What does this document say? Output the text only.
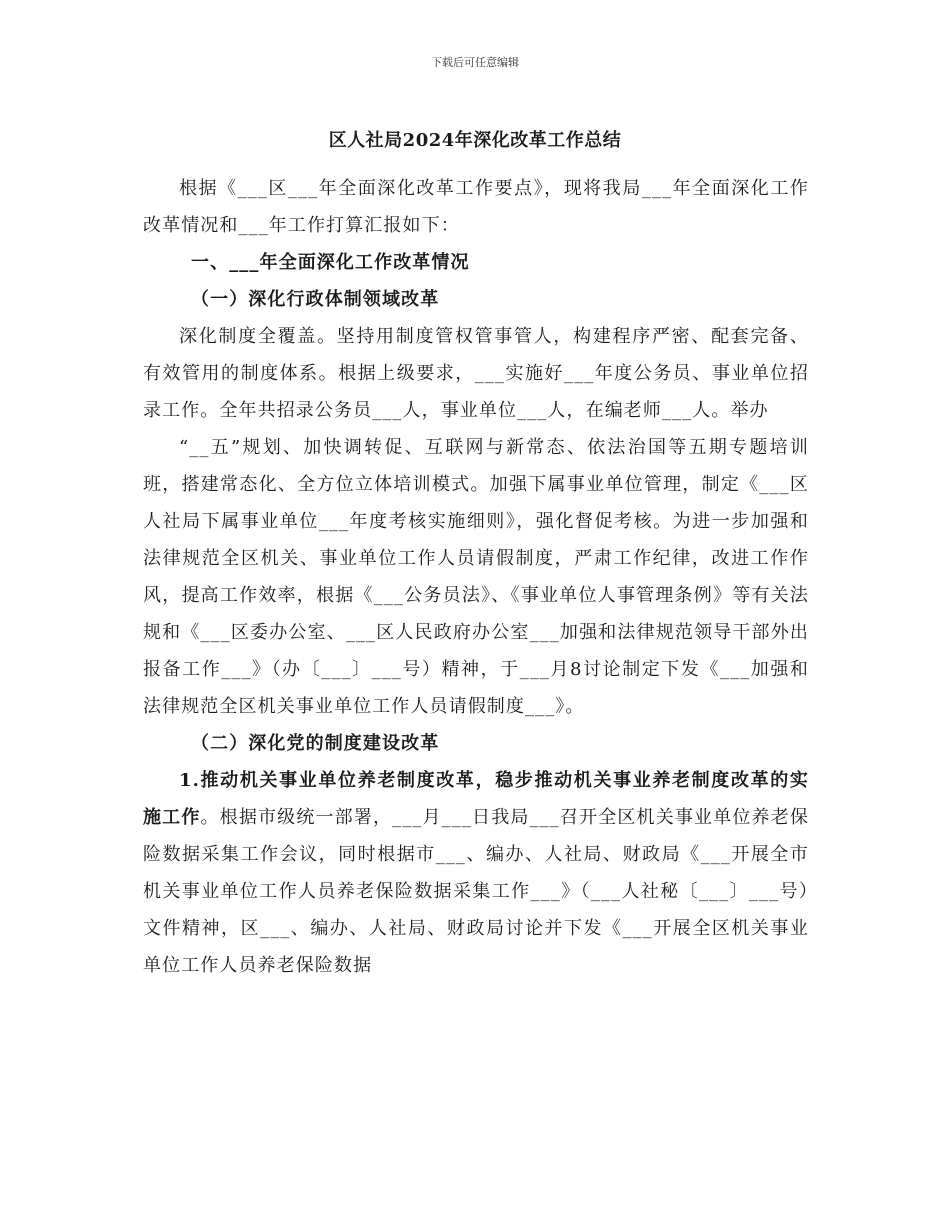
下载后可任意编辑
区人社局2024年深化改革工作总结

根据《___区___年全面深化改革工作要点》，现将我局___年全面深化工作改革情况和___年工作打算汇报如下：

一、___年全面深化工作改革情况

（一）深化行政体制领域改革

深化制度全覆盖。坚持用制度管权管事管人，构建程序严密、配套完备、有效管用的制度体系。根据上级要求，___实施好___年度公务员、事业单位招录工作。全年共招录公务员___人，事业单位___人，在编老师___人。举办

“__五”规划、加快调转促、互联网与新常态、依法治国等五期专题培训班，搭建常态化、全方位立体培训模式。加强下属事业单位管理，制定《___区人社局下属事业单位___年度考核实施细则》，强化督促考核。为进一步加强和法律规范全区机关、事业单位工作人员请假制度，严肃工作纪律，改进工作作风，提高工作效率，根据《___公务员法》、《事业单位人事管理条例》等有关法规和《___区委办公室、___区人民政府办公室___加强和法律规范领导干部外出报备工作___》（办〔___〕___号）精神，于___月8讨论制定下发《___加强和法律规范全区机关事业单位工作人员请假制度___》。

（二）深化党的制度建设改革

1.推动机关事业单位养老制度改革，稳步推动机关事业养老制度改革的实施工作。根据市级统一部署，___月___日我局___召开全区机关事业单位养老保险数据采集工作会议，同时根据市___、编办、人社局、财政局《___开展全市机关事业单位工作人员养老保险数据采集工作___》（___人社秘〔___〕___号）文件精神，区___、编办、人社局、财政局讨论并下发《___开展全区机关事业单位工作人员养老保险数据
